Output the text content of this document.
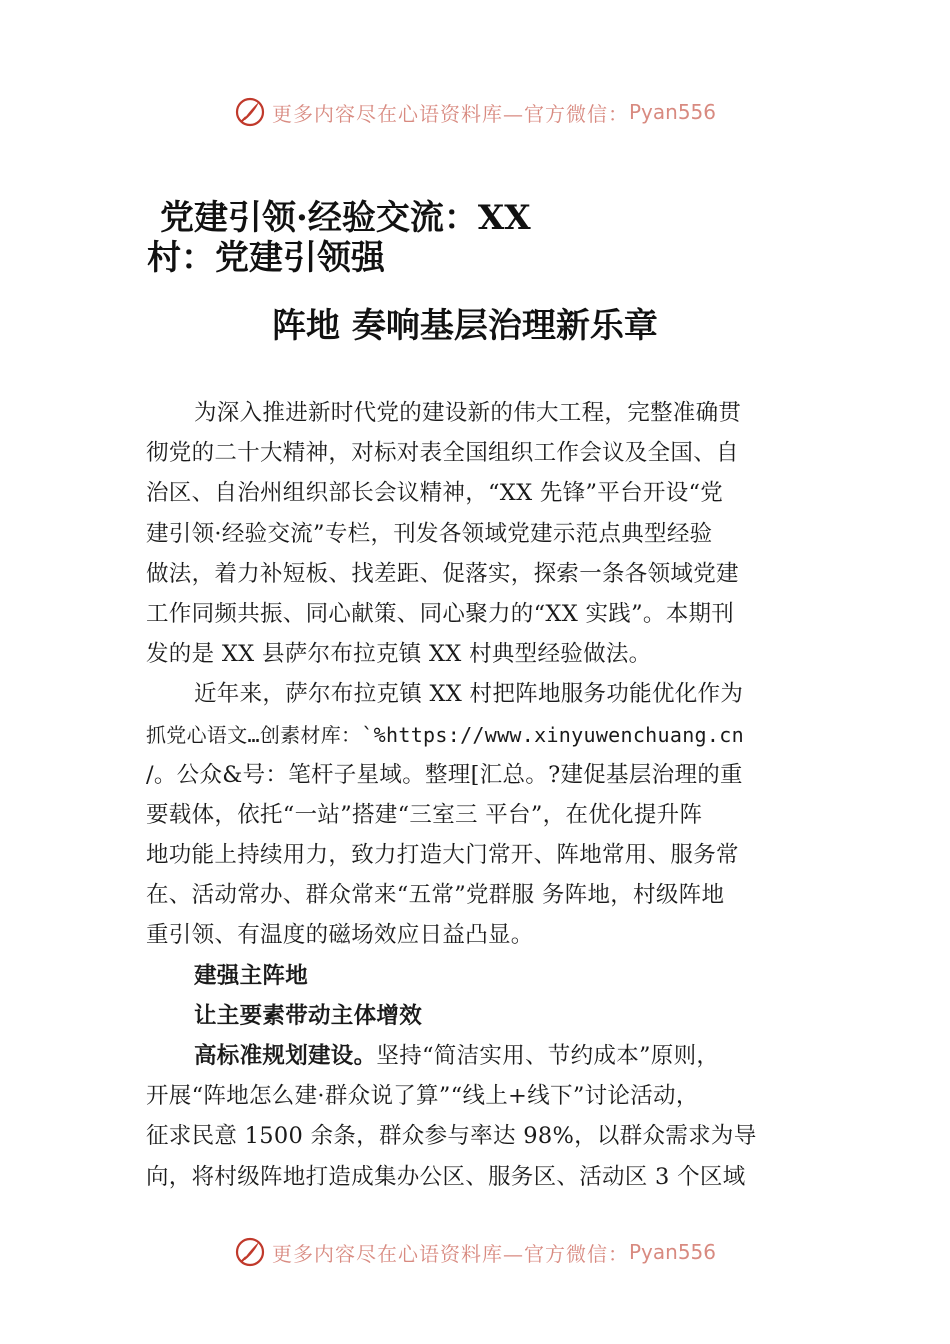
更多内容尽在心语资料库—官方微信： Pyan556
党建引领·经验交流：XX
村：党建引领强
阵地 奏响基层治理新乐章
为深入推进新时代党的建设新的伟大工程，完整准确贯
彻党的二十大精神，对标对表全国组织工作会议及全国、自
治区、自治州组织部长会议精神，“XX 先锋”平台开设“党
建引领·经验交流”专栏，刊发各领域党建示范点典型经验
做法，着力补短板、找差距、促落实，探索一条各领域党建
工作同频共振、同心献策、同心聚力的“XX 实践”。本期刊
发的是 XX 县萨尔布拉克镇 XX 村典型经验做法。
近年来，萨尔布拉克镇 XX 村把阵地服务功能优化作为
抓党心语文…创素材库：`%https://www.xinyuwenchuang.cn
/。公众&号：笔杆子星域。整理[汇总。?建促基层治理的重
要载体，依托“一站”搭建“三室三 平台”，在优化提升阵
地功能上持续用力，致力打造大门常开、阵地常用、服务常
在、活动常办、群众常来“五常”党群服 务阵地，村级阵地
重引领、有温度的磁场效应日益凸显。
建强主阵地
让主要素带动主体增效
高标准规划建设。坚持“简洁实用、节约成本”原则，
开展“阵地怎么建·群众说了算”“线上+线下”讨论活动，
征求民意 1500 余条，群众参与率达 98%，以群众需求为导
向，将村级阵地打造成集办公区、服务区、活动区 3 个区域
更多内容尽在心语资料库—官方微信： Pyan556
